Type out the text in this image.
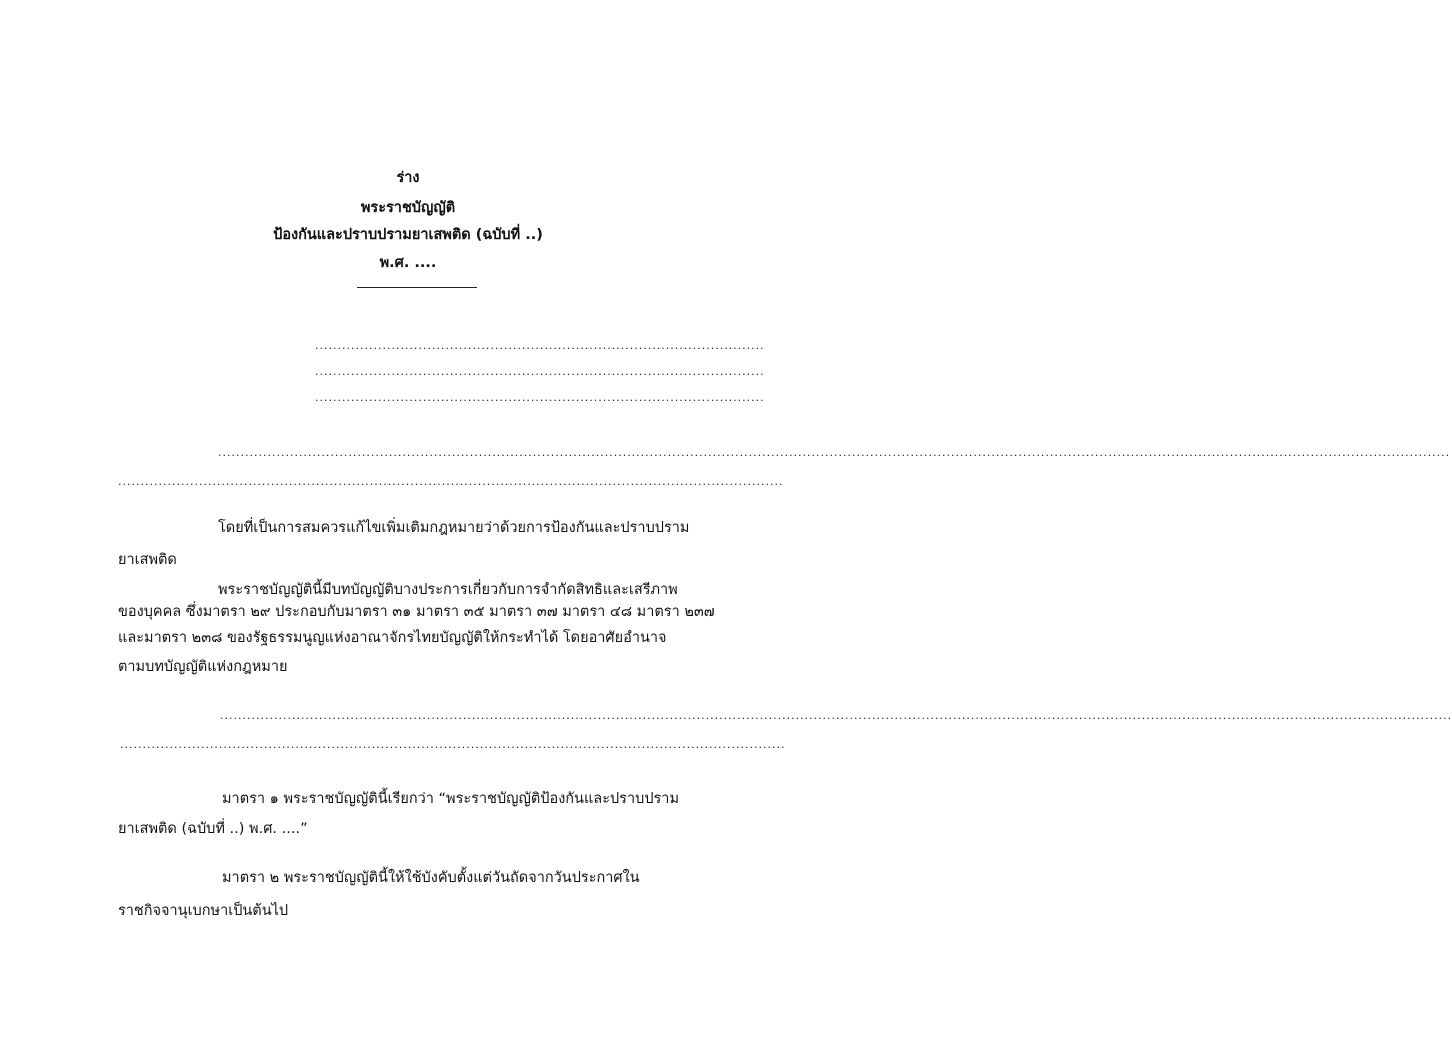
ร่าง
พระราชบัญญัติ
ป้องกันและปราบปรามยาเสพติด (ฉบับที่ ..)
พ.ศ. ....
....................................................................................................
....................................................................................................
....................................................................................................
..................................................................................................................................................................................................................................................................................
....................................................................................................................................................
โดยที่เป็นการสมควรแก้ไขเพิ่มเติมกฎหมายว่าด้วยการป้องกันและปราบปราม
ยาเสพติด
พระราชบัญญัตินี้มีบทบัญญัติบางประการเกี่ยวกับการจำกัดสิทธิและเสรีภาพ
ของบุคคล ซึ่งมาตรา ๒๙ ประกอบกับมาตรา ๓๑ มาตรา ๓๕ มาตรา ๓๗ มาตรา ๔๘ มาตรา ๒๓๗
และมาตรา ๒๓๘ ของรัฐธรรมนูญแห่งอาณาจักรไทยบัญญัติให้กระทำได้ โดยอาศัยอำนาจ
ตามบทบัญญัติแห่งกฎหมาย
..................................................................................................................................................................................................................................................................................
....................................................................................................................................................
มาตรา ๑ พระราชบัญญัตินี้เรียกว่า “พระราชบัญญัติป้องกันและปราบปราม
ยาเสพติด (ฉบับที่ ..) พ.ศ. ....”
มาตรา ๒ พระราชบัญญัตินี้ให้ใช้บังคับตั้งแต่วันถัดจากวันประกาศใน
ราชกิจจานุเบกษาเป็นต้นไป
